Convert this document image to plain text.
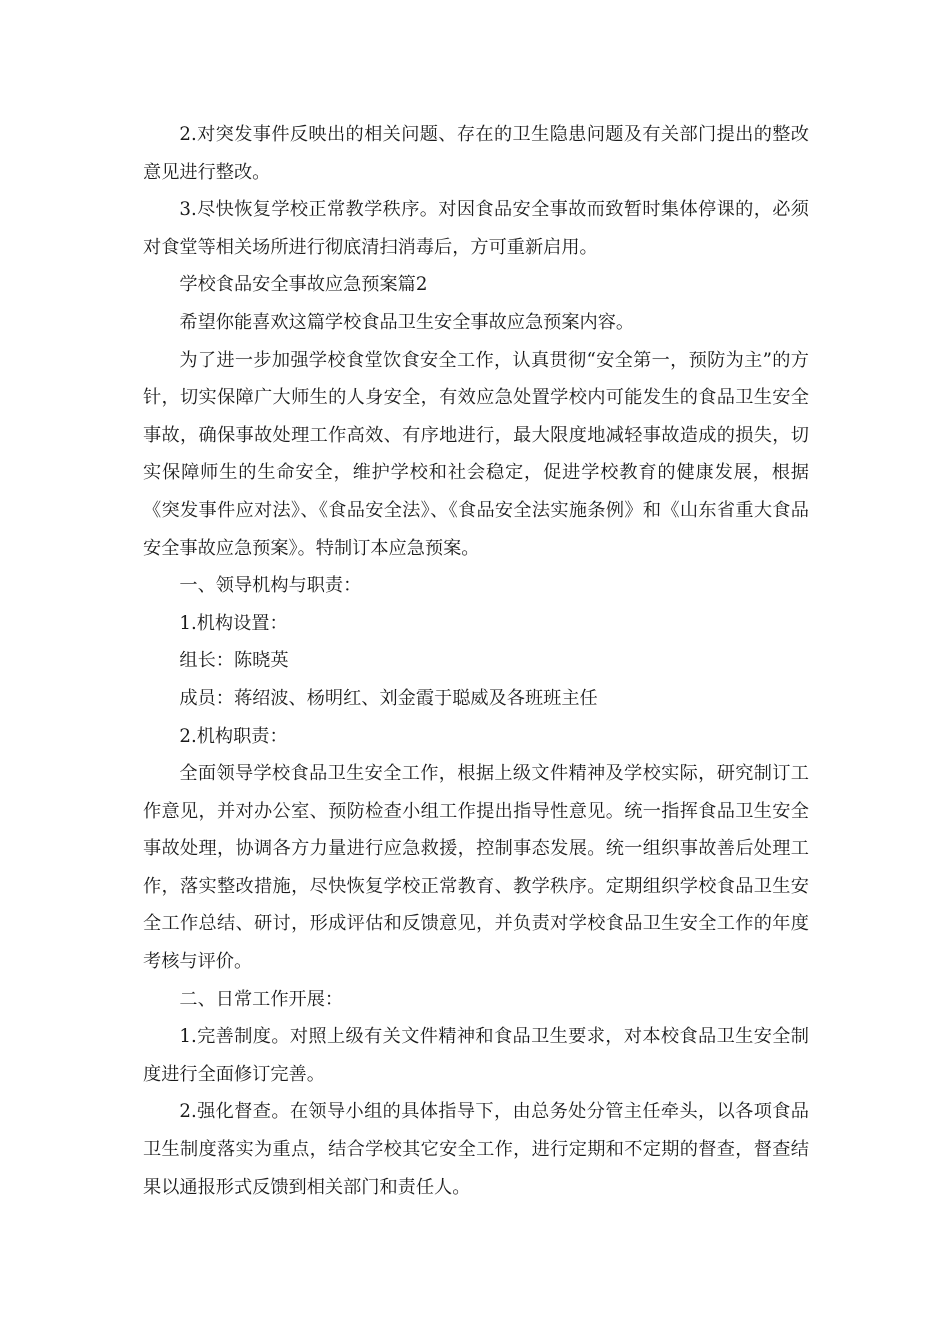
2.对突发事件反映出的相关问题、存在的卫生隐患问题及有关部门提出的整改意见进行整改。

3.尽快恢复学校正常教学秩序。对因食品安全事故而致暂时集体停课的，必须对食堂等相关场所进行彻底清扫消毒后，方可重新启用。

学校食品安全事故应急预案篇2

希望你能喜欢这篇学校食品卫生安全事故应急预案内容。

为了进一步加强学校食堂饮食安全工作，认真贯彻“安全第一，预防为主”的方针，切实保障广大师生的人身安全，有效应急处置学校内可能发生的食品卫生安全事故，确保事故处理工作高效、有序地进行，最大限度地减轻事故造成的损失，切实保障师生的生命安全，维护学校和社会稳定，促进学校教育的健康发展，根据《突发事件应对法》、《食品安全法》、《食品安全法实施条例》和《山东省重大食品安全事故应急预案》。特制订本应急预案。

一、领导机构与职责：

1.机构设置：

组长：陈晓英

成员：蒋绍波、杨明红、刘金霞于聪威及各班班主任

2.机构职责：

全面领导学校食品卫生安全工作，根据上级文件精神及学校实际，研究制订工作意见，并对办公室、预防检查小组工作提出指导性意见。统一指挥食品卫生安全事故处理，协调各方力量进行应急救援，控制事态发展。统一组织事故善后处理工作，落实整改措施，尽快恢复学校正常教育、教学秩序。定期组织学校食品卫生安全工作总结、研讨，形成评估和反馈意见，并负责对学校食品卫生安全工作的年度考核与评价。

二、日常工作开展：

1.完善制度。对照上级有关文件精神和食品卫生要求，对本校食品卫生安全制度进行全面修订完善。

2.强化督查。在领导小组的具体指导下，由总务处分管主任牵头，以各项食品卫生制度落实为重点，结合学校其它安全工作，进行定期和不定期的督查，督查结果以通报形式反馈到相关部门和责任人。
